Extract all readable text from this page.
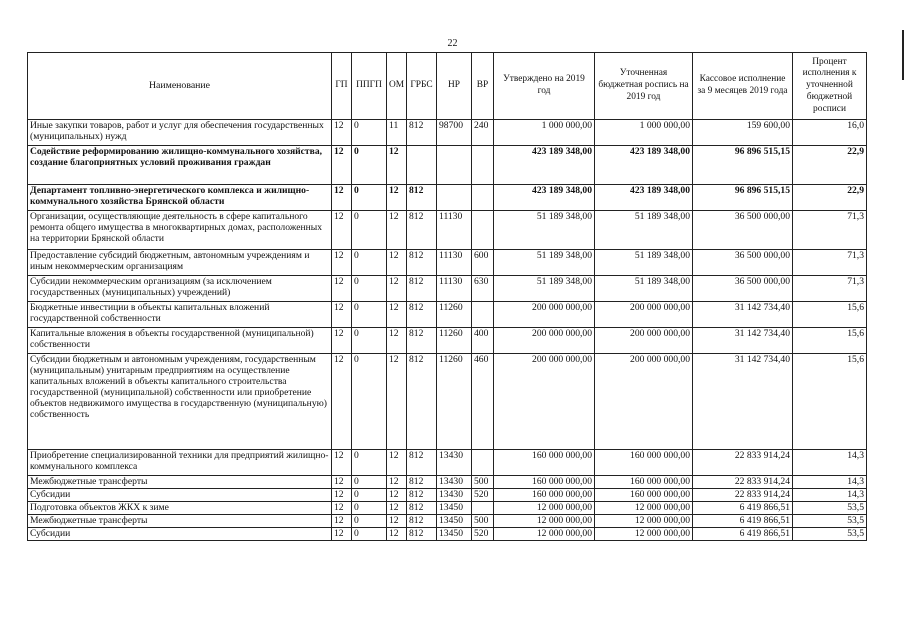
22
Наименование	ГП	ППГП	ОМ	ГРБС	НР	ВР	Утверждено на 2019 год	Уточненная бюджетная роспись на 2019 год	Кассовое исполнение за 9 месяцев 2019 года	Процент исполнения к уточненной бюджетной росписи
Иные закупки товаров, работ и услуг для обеспечения государственных (муниципальных) нужд	12	0	11	812	98700	240	1 000 000,00	1 000 000,00	159 600,00	16,0
Содействие реформированию жилищно-коммунального хозяйства, создание благоприятных условий проживания граждан	12	0	12				423 189 348,00	423 189 348,00	96 896 515,15	22,9
Департамент топливно-энергетического комплекса и жилищно-коммунального хозяйства Брянской области	12	0	12	812			423 189 348,00	423 189 348,00	96 896 515,15	22,9
Организации, осуществляющие деятельность в сфере капитального ремонта общего имущества в многоквартирных домах, расположенных на территории Брянской области	12	0	12	812	11130		51 189 348,00	51 189 348,00	36 500 000,00	71,3
Предоставление субсидий бюджетным, автономным учреждениям и иным некоммерческим организациям	12	0	12	812	11130	600	51 189 348,00	51 189 348,00	36 500 000,00	71,3
Субсидии некоммерческим организациям (за исключением государственных (муниципальных) учреждений)	12	0	12	812	11130	630	51 189 348,00	51 189 348,00	36 500 000,00	71,3
Бюджетные инвестиции в объекты капитальных вложений государственной собственности	12	0	12	812	11260		200 000 000,00	200 000 000,00	31 142 734,40	15,6
Капитальные вложения в объекты государственной (муниципальной) собственности	12	0	12	812	11260	400	200 000 000,00	200 000 000,00	31 142 734,40	15,6
Субсидии бюджетным и автономным учреждениям, государственным (муниципальным) унитарным предприятиям на осуществление капитальных вложений в объекты капитального строительства государственной (муниципальной) собственности или приобретение объектов недвижимого имущества в государственную (муниципальную) собственность	12	0	12	812	11260	460	200 000 000,00	200 000 000,00	31 142 734,40	15,6
Приобретение специализированной техники для предприятий жилищно-коммунального комплекса	12	0	12	812	13430		160 000 000,00	160 000 000,00	22 833 914,24	14,3
Межбюджетные трансферты	12	0	12	812	13430	500	160 000 000,00	160 000 000,00	22 833 914,24	14,3
Субсидии	12	0	12	812	13430	520	160 000 000,00	160 000 000,00	22 833 914,24	14,3
Подготовка объектов ЖКХ к зиме	12	0	12	812	13450		12 000 000,00	12 000 000,00	6 419 866,51	53,5
Межбюджетные трансферты	12	0	12	812	13450	500	12 000 000,00	12 000 000,00	6 419 866,51	53,5
Субсидии	12	0	12	812	13450	520	12 000 000,00	12 000 000,00	6 419 866,51	53,5
